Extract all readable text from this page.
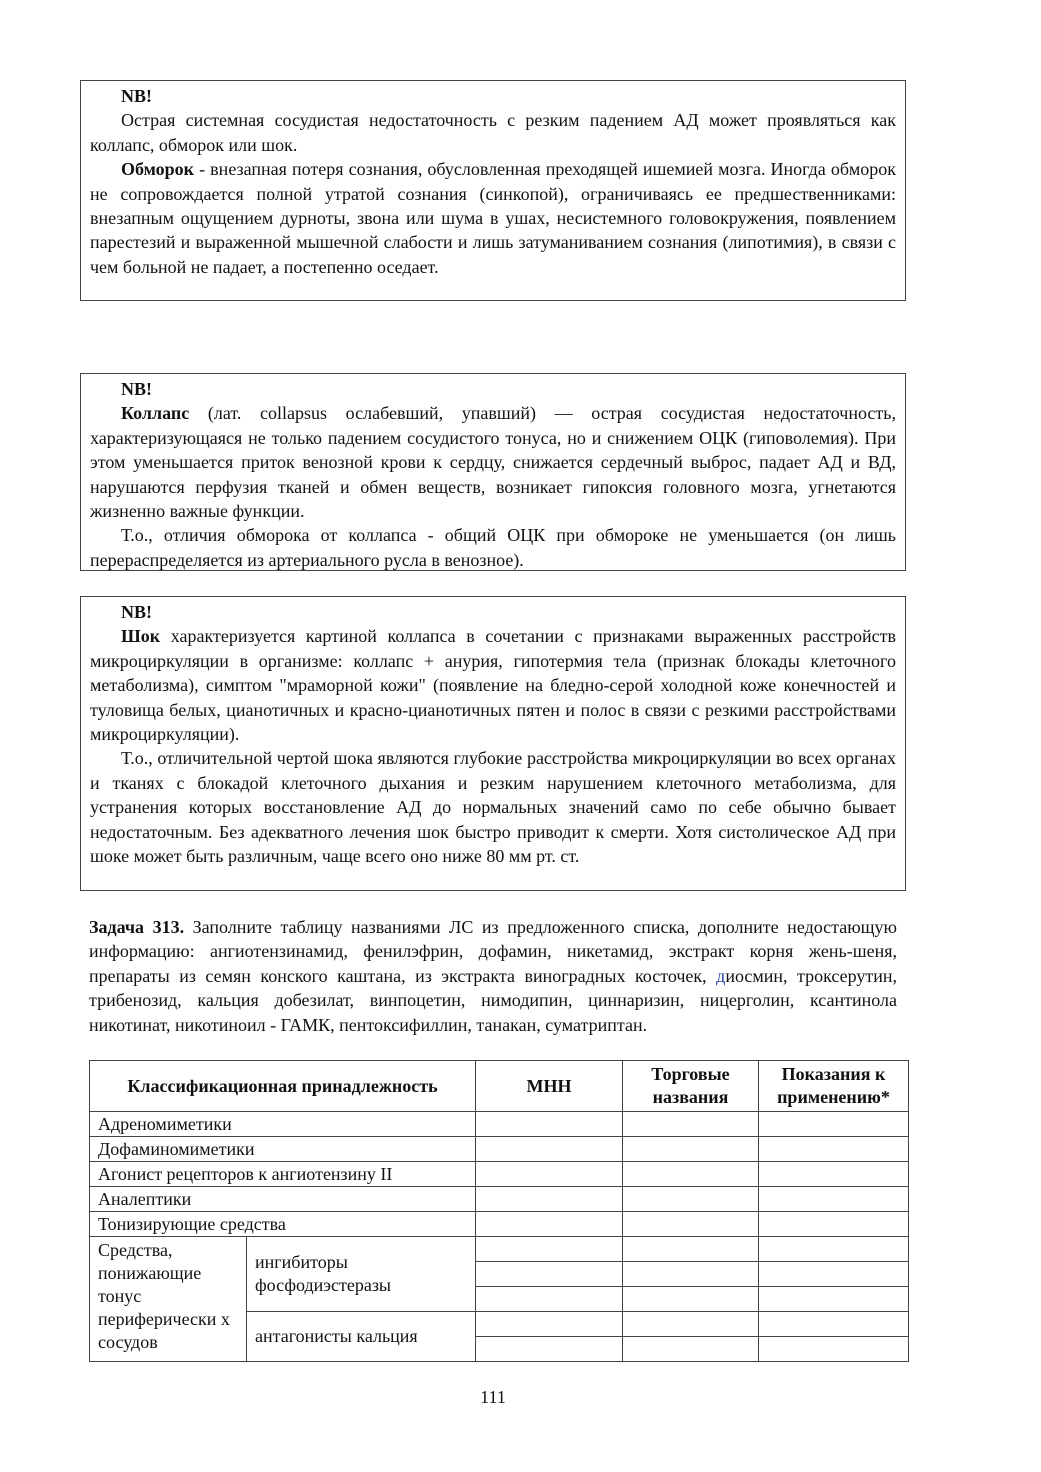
NB!

Острая системная сосудистая недостаточность с резким падением АД может проявляться как коллапс, обморок или шок.

Обморок - внезапная потеря сознания, обусловленная преходящей ишемией мозга. Иногда обморок не сопровождается полной утратой сознания (синкопой), ограничиваясь ее предшественниками: внезапным ощущением дурноты, звона или шума в ушах, несистемного головокружения, появлением парестезий и выраженной мышечной слабости и лишь затуманиванием сознания (липотимия), в связи с чем больной не падает, а постепенно оседает.

NB!

Коллапс (лат. collapsus ослабевший, упавший) — острая сосудистая недостаточность, характеризующаяся не только падением сосудистого тонуса, но и снижением ОЦК (гиповолемия). При этом уменьшается приток венозной крови к сердцу, снижается сердечный выброс, падает АД и ВД, нарушаются перфузия тканей и обмен веществ, возникает гипоксия головного мозга, угнетаются жизненно важные функции.

Т.о., отличия обморока от коллапса - общий ОЦК при обмороке не уменьшается (он лишь перераспределяется из артериального русла в венозное).

NB!

Шок характеризуется картиной коллапса в сочетании с признаками выраженных расстройств микроциркуляции в организме: коллапс + анурия, гипотермия тела (признак блокады клеточного метаболизма), симптом "мраморной кожи" (появление на бледно-серой холодной коже конечностей и туловища белых, цианотичных и красно-цианотичных пятен и полос в связи с резкими расстройствами микроциркуляции).

Т.о., отличительной чертой шока являются глубокие расстройства микроциркуляции во всех органах и тканях с блокадой клеточного дыхания и резким нарушением клеточного метаболизма, для устранения которых восстановление АД до нормальных значений само по себе обычно бывает недостаточным. Без адекватного лечения шок быстро приводит к смерти. Хотя систолическое АД при шоке может быть различным, чаще всего оно ниже 80 мм рт. ст.

Задача 313. Заполните таблицу названиями ЛС из предложенного списка, дополните недостающую информацию: ангиотензинамид, фенилэфрин, дофамин, никетамид, экстракт корня жень-шеня, препараты из семян конского каштана, из экстракта виноградных косточек, диосмин, троксерутин, трибенозид, кальция добезилат, винпоцетин, нимодипин, циннаризин, ницерголин, ксантинола никотинат, никотиноил - ГАМК, пентоксифиллин, танакан, суматриптан.

Классификационная принадлежность		МНН	Торговые названия	Показания к применению*
Адреномиметики				
Дофаминомиметики				
Агонист рецепторов к ангиотензину II				
Аналептики				
Тонизирующие средства				
Средства, понижающие тонус периферически х сосудов	ингибиторы фосфодиэстеразы			

	антагонисты кальция			

111
